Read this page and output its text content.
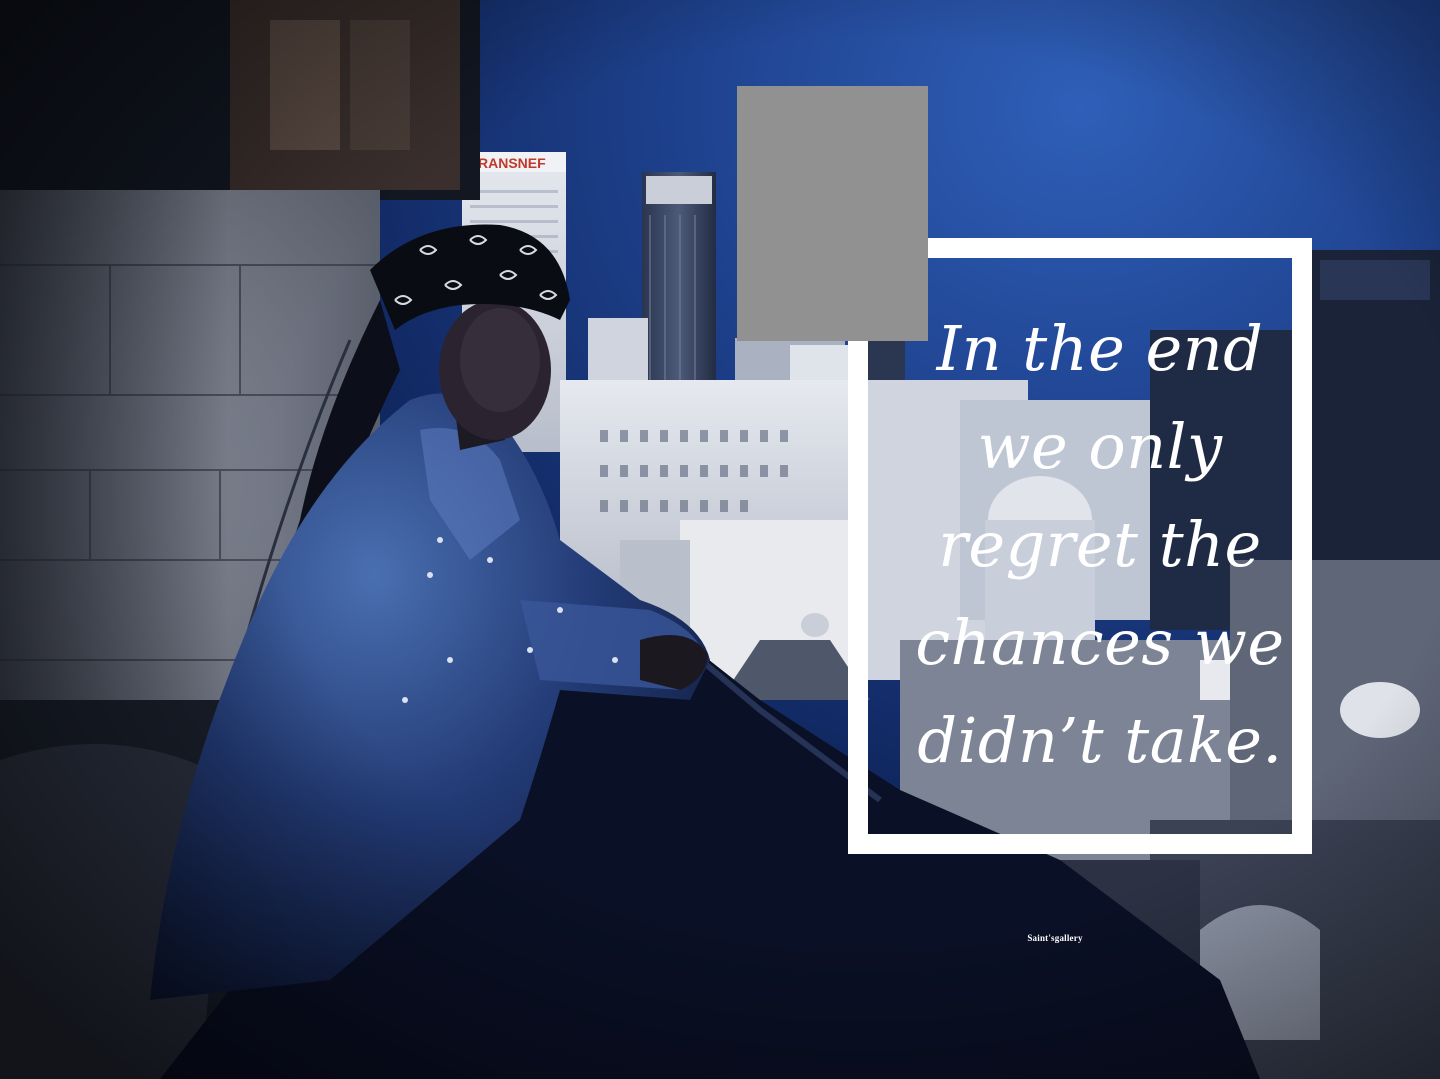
In the end
we only
regret the
chances we
didn’t take.

Saint'sgallery
